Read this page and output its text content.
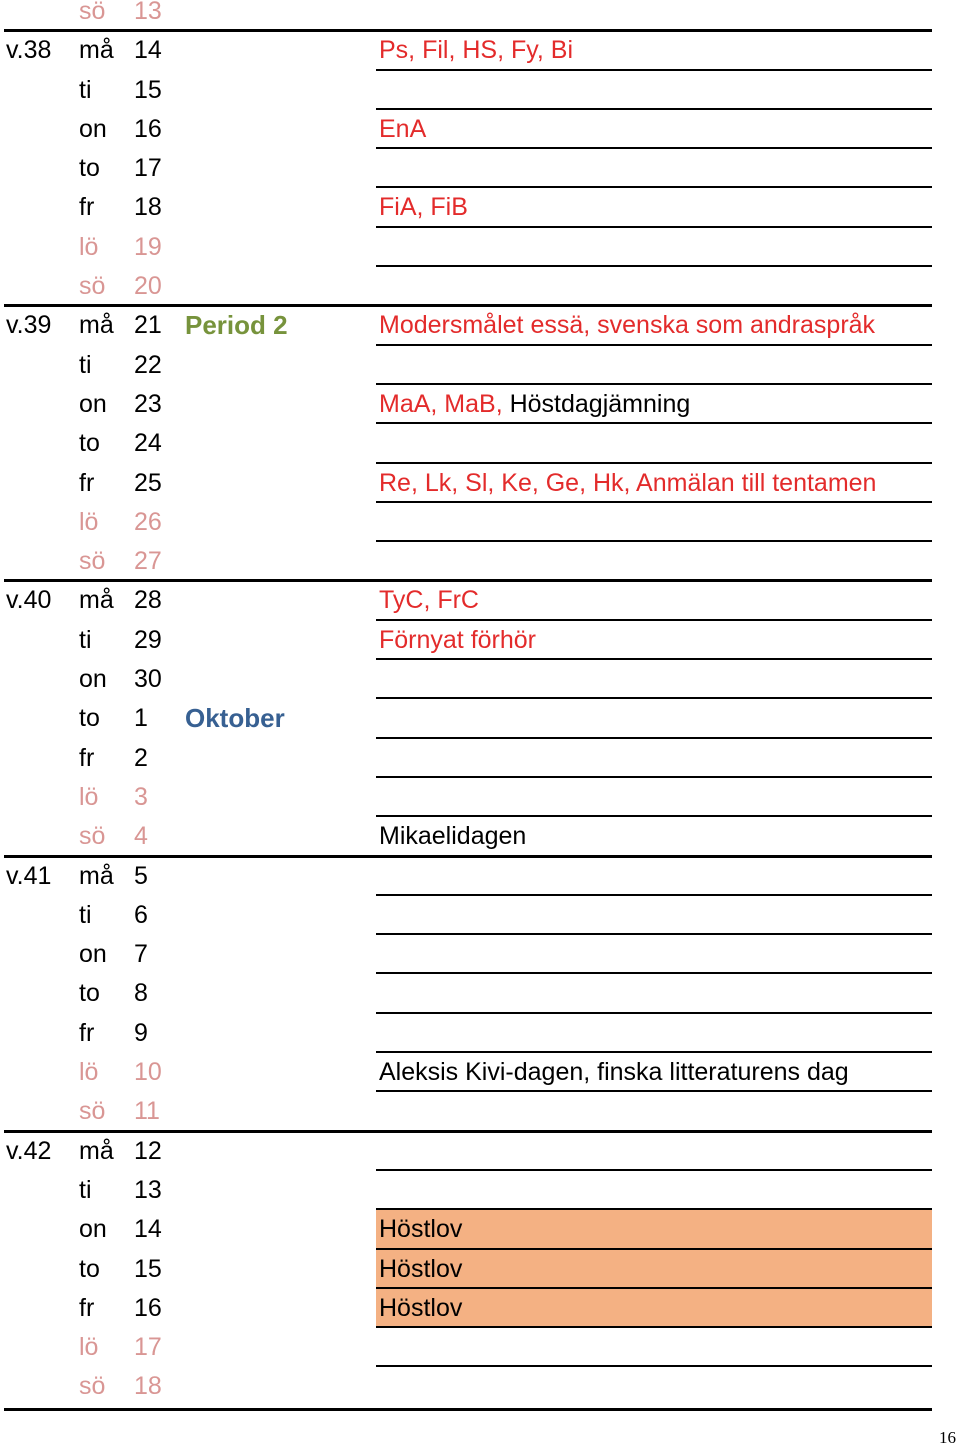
sö 13
v.38 må 14	Ps, Fil, HS, Fy, Bi
ti 15
on 16	EnA
to 17
fr 18	FiA, FiB
lö 19
sö 20
v.39 må 21 Period 2	Modersmålet essä, svenska som andraspråk
ti 22
on 23	MaA, MaB, Höstdagjämning
to 24
fr 25	Re, Lk, Sl, Ke, Ge, Hk, Anmälan till tentamen
lö 26
sö 27
v.40 må 28	TyC, FrC
ti 29	Förnyat förhör
on 30
to 1 Oktober
fr 2
lö 3
sö 4	Mikaelidagen
v.41 må 5
ti 6
on 7
to 8
fr 9
lö 10	Aleksis Kivi-dagen, finska litteraturens dag
sö 11
v.42 må 12
ti 13
on 14	Höstlov
to 15	Höstlov
fr 16	Höstlov
lö 17
sö 18
16
